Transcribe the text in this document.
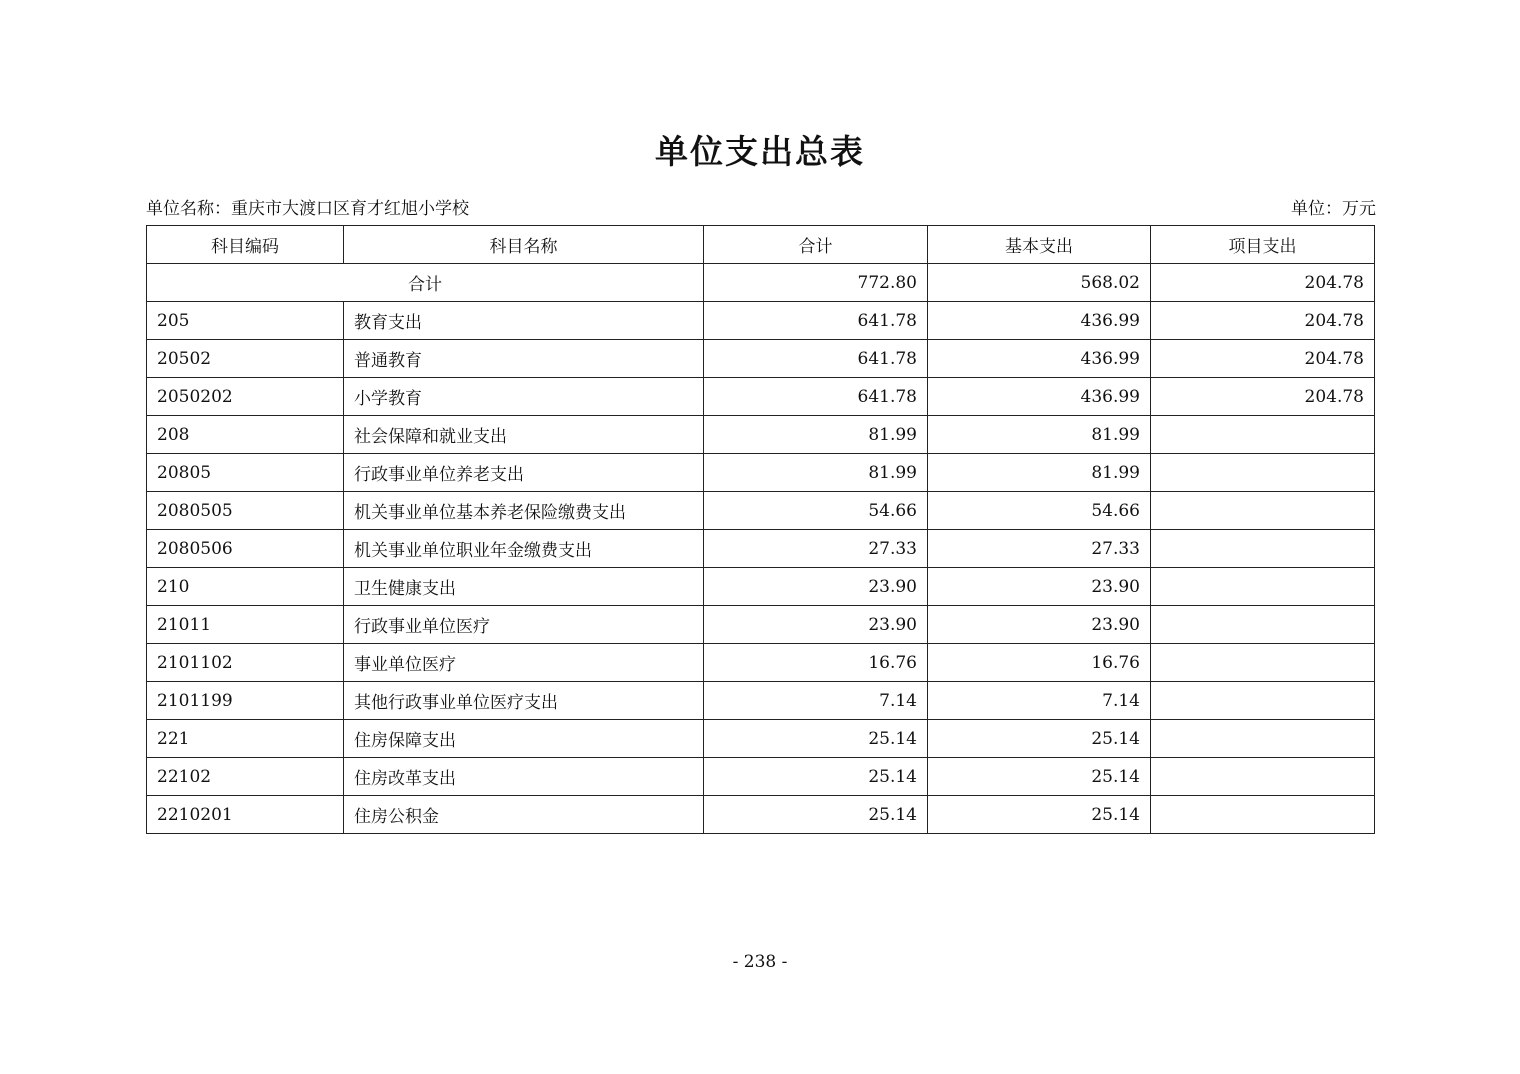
单位支出总表
单位名称：重庆市大渡口区育才红旭小学校	单位：万元
科目编码	科目名称	合计	基本支出	项目支出
合计		772.80	568.02	204.78
205	教育支出	641.78	436.99	204.78
20502	普通教育	641.78	436.99	204.78
2050202	小学教育	641.78	436.99	204.78
208	社会保障和就业支出	81.99	81.99	
20805	行政事业单位养老支出	81.99	81.99	
2080505	机关事业单位基本养老保险缴费支出	54.66	54.66	
2080506	机关事业单位职业年金缴费支出	27.33	27.33	
210	卫生健康支出	23.90	23.90	
21011	行政事业单位医疗	23.90	23.90	
2101102	事业单位医疗	16.76	16.76	
2101199	其他行政事业单位医疗支出	7.14	7.14	
221	住房保障支出	25.14	25.14	
22102	住房改革支出	25.14	25.14	
2210201	住房公积金	25.14	25.14	
- 238 -
